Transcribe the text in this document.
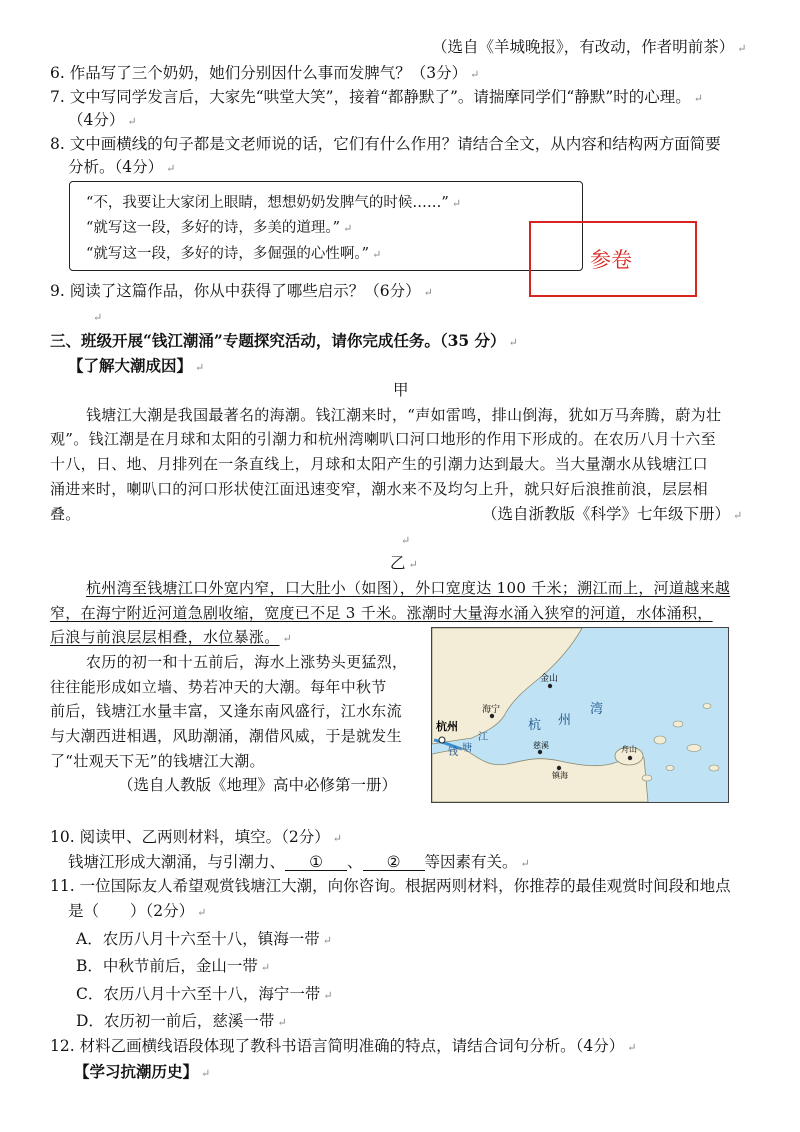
（选自《羊城晚报》，有改动，作者明前茶） ↵
6. 作品写了三个奶奶，她们分别因什么事而发脾气？（3分） ↵
7. 文中写同学发言后，大家先“哄堂大笑”，接着“都静默了”。请揣摩同学们“静默”时的心理。 ↵
（4分） ↵
8. 文中画横线的句子都是文老师说的话，它们有什么作用？请结合全文，从内容和结构两方面简要
分析。（4分） ↵
“不，我要让大家闭上眼睛，想想奶奶发脾气的时候……” ↵
“就写这一段，多好的诗，多美的道理。” ↵
“就写这一段，多好的诗，多倔强的心性啊。” ↵	参卷
9. 阅读了这篇作品，你从中获得了哪些启示？（6分） ↵
↵
三、班级开展“钱江潮涌”专题探究活动，请你完成任务。（35 分） ↵
【了解大潮成因】 ↵
甲
钱塘江大潮是我国最著名的海潮。钱江潮来时，“声如雷鸣，排山倒海，犹如万马奔腾，蔚为壮
观”。钱江潮是在月球和太阳的引潮力和杭州湾喇叭口河口地形的作用下形成的。在农历八月十六至
十八，日、地、月排列在一条直线上，月球和太阳产生的引潮力达到最大。当大量潮水从钱塘江口
涌进来时，喇叭口的河口形状使江面迅速变窄，潮水来不及均匀上升，就只好后浪推前浪，层层相
叠。	（选自浙教版《科学》七年级下册） ↵
↵
乙 ↵
杭州湾至钱塘江口外宽内窄，口大肚小（如图），外口宽度达 100 千米；溯江而上，河道越来越
窄，在海宁附近河道急剧收缩，宽度已不足 3 千米。涨潮时大量海水涌入狭窄的河道，水体涌积，
后浪与前浪层层相叠，水位暴涨。 ↵
农历的初一和十五前后，海水上涨势头更猛烈，
往往能形成如立墙、势若冲天的大潮。每年中秋节
前后，钱塘江水量丰富，又逢东南风盛行，江水东流
与大潮西进相遇，风助潮涌，潮借风威，于是就发生
了“壮观天下无”的钱塘江大潮。
（选自人教版《地理》高中必修第一册）
金山
海宁
杭州
钱 塘
江
杭 州
湾
慈溪
镇海
舟山
10. 阅读甲、乙两则材料，填空。（2分） ↵
钱塘江形成大潮涌，与引潮力、 ① 、 ② 等因素有关。 ↵
11. 一位国际友人希望观赏钱塘江大潮，向你咨询。根据两则材料，你推荐的最佳观赏时间段和地点
是（　　）（2分） ↵
A．农历八月十六至十八，镇海一带 ↵
B．中秋节前后，金山一带 ↵
C．农历八月十六至十八，海宁一带 ↵
D．农历初一前后，慈溪一带 ↵
12. 材料乙画横线语段体现了教科书语言简明准确的特点，请结合词句分析。（4分） ↵
【学习抗潮历史】 ↵
